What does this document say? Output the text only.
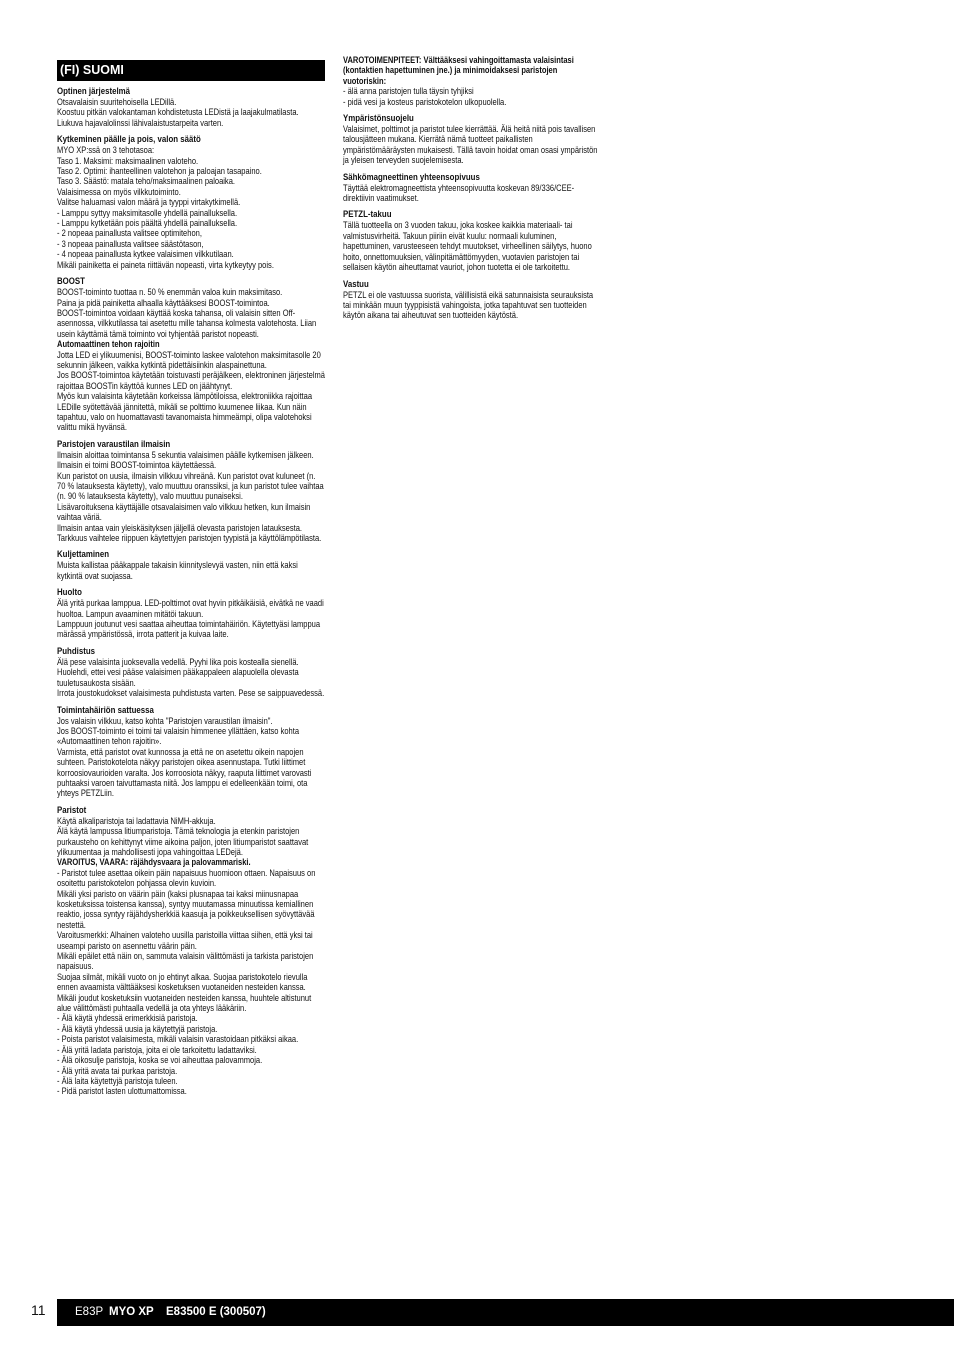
(FI) SUOMI
Optinen järjestelmä
Otsavalaisin suuritehoisella LEDillä.
Koostuu pitkän valokantaman kohdistetusta LEDistä ja laajakulmatilasta.
Liukuva hajavalolinssi lähivalaistustarpeita varten.
Kytkeminen päälle ja pois, valon säätö
MYO XP:ssä on 3 tehotasoa:
Taso 1. Maksimi: maksimaalinen valoteho.
Taso 2. Optimi: ihanteellinen valotehon ja paloajan tasapaino.
Taso 3. Säästö: matala teho/maksimaalinen paloaika.
Valaisimessa on myös vilkkutoiminto.
Valitse haluamasi valon määrä ja tyyppi virtakytkimellä.
- Lamppu syttyy maksimitasolle yhdellä painalluksella.
- Lamppu kytketään pois päältä yhdellä painalluksella.
- 2 nopeaa painallusta valitsee optimitehon,
- 3 nopeaa painallusta valitsee säästötason,
- 4 nopeaa painallusta kytkee valaisimen vilkkutilaan.
Mikäli painiketta ei paineta riittävän nopeasti, virta kytkeytyy pois.
BOOST
BOOST-toiminto tuottaa n. 50 % enemmän valoa kuin maksimitaso.
Paina ja pidä painiketta alhaalla käyttääksesi BOOST-toimintoa.
BOOST-toimintoa voidaan käyttää koska tahansa, oli valaisin sitten Off-asennossa, vilkkutilassa tai asetettu mille tahansa kolmesta valotehosta. Liian usein käyttämä tämä toiminto voi tyhjentää paristot nopeasti.
Automaattinen tehon rajoitin
Jotta LED ei ylikuumenisi, BOOST-toiminto laskee valotehon maksimitasolle 20 sekunnin jälkeen, vaikka kytkintä pidettäisiinkin alaspainettuna.
Jos BOOST-toimintoa käytetään toistuvasti peräjälkeen, elektroninen järjestelmä rajoittaa BOOSTin käyttöä kunnes LED on jäähtynyt.
Myös kun valaisinta käytetään korkeissa lämpötiloissa, elektroniikka rajoittaa LEDille syötettävää jännitettä, mikäli se polttimo kuumenee liikaa. Kun näin tapahtuu, valo on huomattavasti tavanomaista himmeämpi, olipa valotehoksi valittu mikä hyvänsä.
Paristojen varaustilan ilmaisin
Ilmaisin aloittaa toimintansa 5 sekuntia valaisimen päälle kytkemisen jälkeen.
Ilmaisin ei toimi BOOST-toimintoa käytettäessä.
Kun paristot on uusia, ilmaisin vilkkuu vihreänä. Kun paristot ovat kuluneet (n. 70 % latauksesta käytetty), valo muuttuu oranssiksi, ja kun paristot tulee vaihtaa (n. 90 % latauksesta käytetty), valo muuttuu punaiseksi.
Lisävaroituksena käyttäjälle otsavalaisimen valo vilkkuu hetken, kun ilmaisin vaihtaa väriä.
Ilmaisin antaa vain yleiskäsityksen jäljellä olevasta paristojen latauksesta. Tarkkuus vaihtelee riippuen käytettyjen paristojen tyypistä ja käyttölämpötilasta.
Kuljettaminen
Muista kallistaa pääkappale takaisin kiinnityslevyä vasten, niin että kaksi kytkintä ovat suojassa.
Huolto
Älä yritä purkaa lamppua. LED-polttimot ovat hyvin pitkäikäisiä, eivätkä ne vaadi huoltoa. Lampun avaaminen mitätöi takuun.
Lamppuun joutunut vesi saattaa aiheuttaa toimintahäiriön. Käytettyäsi lamppua märässä ympäristössä, irrota patterit ja kuivaa laite.
Puhdistus
Älä pese valaisinta juoksevalla vedellä. Pyyhi lika pois kostealla sienellä. Huolehdi, ettei vesi pääse valaisimen pääkappaleen alapuolella olevasta tuuletusaukosta sisään.
Irrota joustokudokset valaisimesta puhdistusta varten. Pese se saippuavedessä.
Toimintahäiriön sattuessa
Jos valaisin vilkkuu, katso kohta "Paristojen varaustilan ilmaisin".
Jos BOOST-toiminto ei toimi tai valaisin himmenee yllättäen, katso kohta «Automaattinen tehon rajoitin».
Varmista, että paristot ovat kunnossa ja että ne on asetettu oikein napojen suhteen. Paristokotelota näkyy paristojen oikea asennustapa. Tutki liittimet korroosiovaurioiden varalta. Jos korroosiota näkyy, raaputa liittimet varovasti puhtaaksi varoen taivuttamasta niitä. Jos lamppu ei edelleenkään toimi, ota yhteys PETZLiin.
Paristot
Käytä alkaliparistoja tai ladattavia NiMH-akkuja.
Älä käytä lampussa litiumparistoja. Tämä teknologia ja etenkin paristojen purkausteho on kehittynyt viime aikoina paljon, joten litiumparistot saattavat ylikuumentaa ja mahdollisesti jopa vahingoittaa LEDejä.
VAROITUS, VAARA: räjähdysvaara ja palovammariski.
- Paristot tulee asettaa oikein päin napaisuus huomioon ottaen. Napaisuus on osoitettu paristokotelon pohjassa olevin kuvioin.
Mikäli yksi paristo on väärin päin (kaksi plusnapaa tai kaksi miinusnapaa kosketuksissa toistensa kanssa), syntyy muutamassa minuutissa kemiallinen reaktio, jossa syntyy räjähdysherkkiä kaasuja ja poikkeuksellisen syövyttävää nestettä.
Varoitusmerkki: Alhainen valoteho uusilla paristoilla viittaa siihen, että yksi tai useampi paristo on asennettu väärin päin.
Mikäli epäilet että näin on, sammuta valaisin välittömästi ja tarkista paristojen napaisuus.
Suojaa silmät, mikäli vuoto on jo ehtinyt alkaa. Suojaa paristokotelo rievulla ennen avaamista välttääksesi kosketuksen vuotaneiden nesteiden kanssa.
Mikäli joudut kosketuksiin vuotaneiden nesteiden kanssa, huuhtele altistunut alue välittömästi puhtaalla vedellä ja ota yhteys lääkäriin.
- Älä käytä yhdessä erimerkkisiä paristoja.
- Älä käytä yhdessä uusia ja käytettyjä paristoja.
- Poista paristot valaisimesta, mikäli valaisin varastoidaan pitkäksi aikaa.
- Älä yritä ladata paristoja, joita ei ole tarkoitettu ladattaviksi.
- Älä oikosulje paristoja, koska se voi aiheuttaa palovammoja.
- Älä yritä avata tai purkaa paristoja.
- Älä laita käytettyjä paristoja tuleen.
- Pidä paristot lasten ulottumattomissa.
VAROTOIMENPITEET: Välttääksesi vahingoittamasta valaisintasi (kontaktien hapettuminen jne.) ja minimoidaksesi paristojen vuotoriskin:
- älä anna paristojen tulla täysin tyhjiksi
- pidä vesi ja kosteus paristokotelon ulkopuolella.
Ympäristönsuojelu
Valaisimet, polttimot ja paristot tulee kierrättää. Älä heitä niitä pois tavallisen talousjätteen mukana. Kierrätä nämä tuotteet paikallisten ympäristömääräysten mukaisesti. Tällä tavoin hoidat oman osasi ympäristön ja yleisen terveyden suojelemisesta.
Sähkömagneettinen yhteensopivuus
Täyttää elektromagneettista yhteensopivuutta koskevan 89/336/CEE-direktiivin vaatimukset.
PETZL-takuu
Tällä tuotteella on 3 vuoden takuu, joka koskee kaikkia materiaali- tai valmistusvirheitä. Takuun piiriin eivät kuulu: normaali kuluminen, hapettuminen, varusteeseen tehdyt muutokset, virheellinen säilytys, huono hoito, onnettomuuksien, välinpitämättömyyden, vuotavien paristojen tai sellaisen käytön aiheuttamat vauriot, johon tuotetta ei ole tarkoitettu.
Vastuu
PETZL ei ole vastuussa suorista, välillisistä eikä satunnaisista seurauksista tai minkään muun tyyppisistä vahingoista, jotka tapahtuvat sen tuotteiden käytön aikana tai aiheutuvat sen tuotteiden käytöstä.
11	E83P MYO XP E83500 E (300507)
